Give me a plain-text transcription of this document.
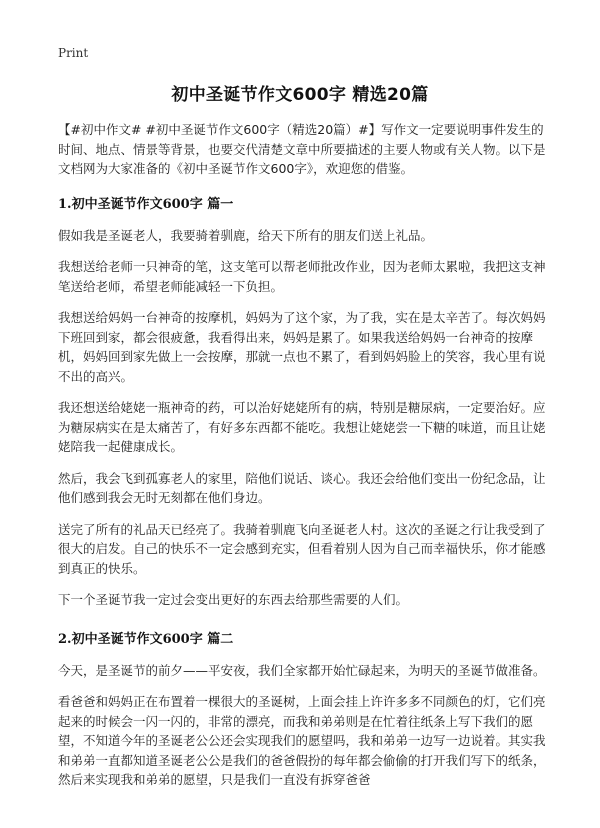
Print
初中圣诞节作文600字 精选20篇

【#初中作文# #初中圣诞节作文600字（精选20篇）#】写作文一定要说明事件发生的时间、地点、情景等背景，也要交代清楚文章中所要描述的主要人物或有关人物。以下是文档网为大家准备的《初中圣诞节作文600字》，欢迎您的借鉴。

1.初中圣诞节作文600字 篇一

假如我是圣诞老人，我要骑着驯鹿，给天下所有的朋友们送上礼品。

我想送给老师一只神奇的笔，这支笔可以帮老师批改作业，因为老师太累啦，我把这支神笔送给老师，希望老师能减轻一下负担。

我想送给妈妈一台神奇的按摩机，妈妈为了这个家，为了我，实在是太辛苦了。每次妈妈下班回到家，都会很疲惫，我看得出来，妈妈是累了。如果我送给妈妈一台神奇的按摩机，妈妈回到家先做上一会按摩，那就一点也不累了，看到妈妈脸上的笑容，我心里有说不出的高兴。

我还想送给姥姥一瓶神奇的药，可以治好姥姥所有的病，特别是糖尿病，一定要治好。应为糖尿病实在是太痛苦了，有好多东西都不能吃。我想让姥姥尝一下糖的味道，而且让姥姥陪我一起健康成长。

然后，我会飞到孤寡老人的家里，陪他们说话、谈心。我还会给他们变出一份纪念品，让他们感到我会无时无刻都在他们身边。

送完了所有的礼品天已经亮了。我骑着驯鹿飞向圣诞老人村。这次的圣诞之行让我受到了很大的启发。自己的快乐不一定会感到充实，但看着别人因为自己而幸福快乐，你才能感到真正的快乐。

下一个圣诞节我一定过会变出更好的东西去给那些需要的人们。

2.初中圣诞节作文600字 篇二

今天，是圣诞节的前夕——平安夜，我们全家都开始忙碌起来，为明天的圣诞节做准备。

看爸爸和妈妈正在布置着一棵很大的圣诞树，上面会挂上许许多多不同颜色的灯，它们亮起来的时候会一闪一闪的，非常的漂亮，而我和弟弟则是在忙着往纸条上写下我们的愿望，不知道今年的圣诞老公公还会实现我们的愿望吗，我和弟弟一边写一边说着。其实我和弟弟一直都知道圣诞老公公是我们的爸爸假扮的每年都会偷偷的打开我们写下的纸条，然后来实现我和弟弟的愿望，只是我们一直没有拆穿爸爸
